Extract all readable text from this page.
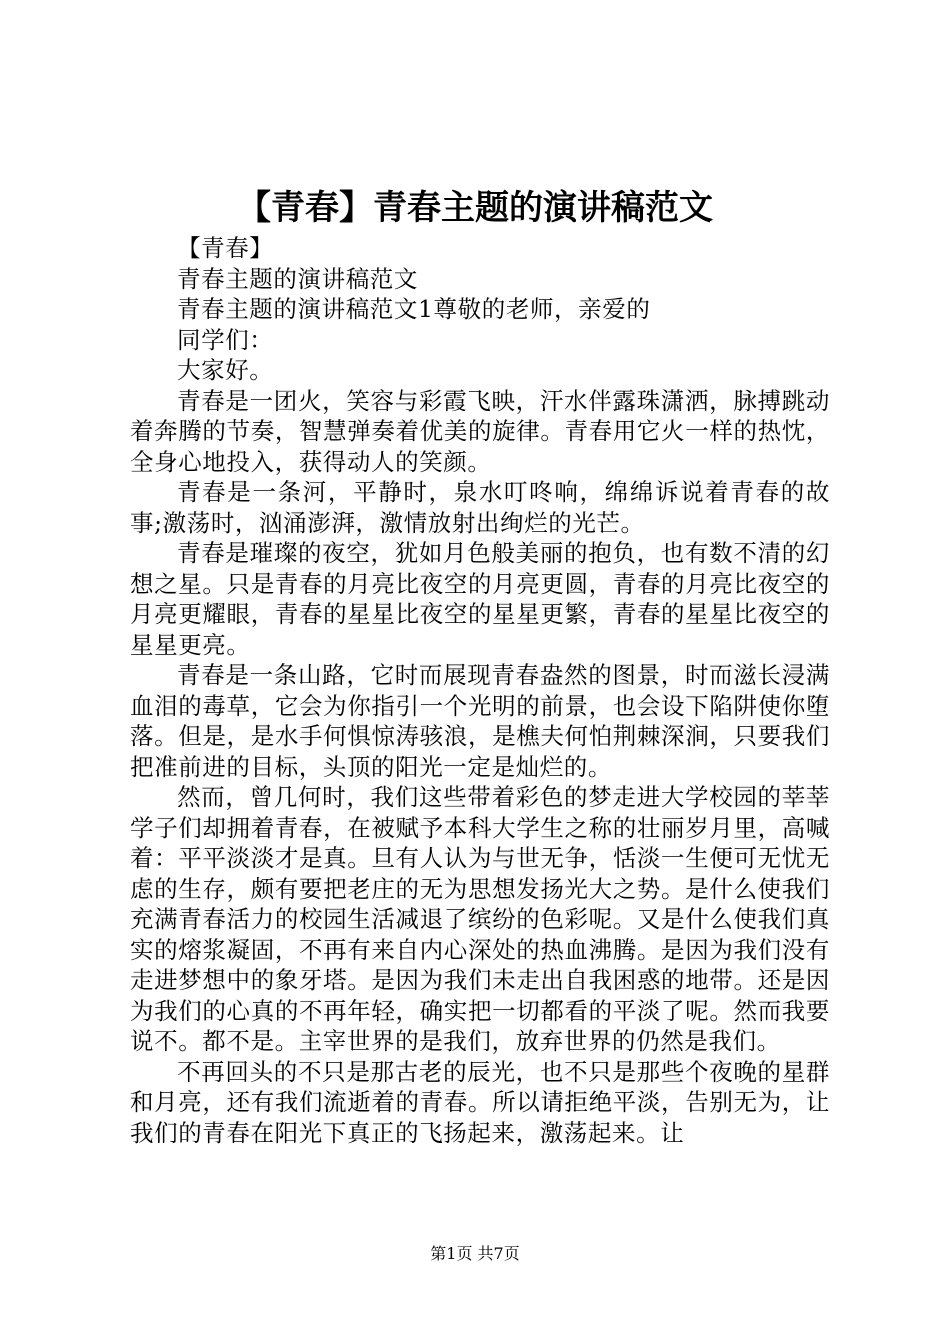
【青春】青春主题的演讲稿范文

【青春】

青春主题的演讲稿范文

青春主题的演讲稿范文1尊敬的老师，亲爱的

同学们：

大家好。

青春是一团火，笑容与彩霞飞映，汗水伴露珠潇洒，脉搏跳动着奔腾的节奏，智慧弹奏着优美的旋律。青春用它火一样的热忱，全身心地投入，获得动人的笑颜。

青春是一条河，平静时，泉水叮咚响，绵绵诉说着青春的故事;激荡时，汹涌澎湃，激情放射出绚烂的光芒。

青春是璀璨的夜空，犹如月色般美丽的抱负，也有数不清的幻想之星。只是青春的月亮比夜空的月亮更圆，青春的月亮比夜空的月亮更耀眼，青春的星星比夜空的星星更繁，青春的星星比夜空的星星更亮。

青春是一条山路，它时而展现青春盎然的图景，时而滋长浸满血泪的毒草，它会为你指引一个光明的前景，也会设下陷阱使你堕落。但是，是水手何惧惊涛骇浪，是樵夫何怕荆棘深涧，只要我们把准前进的目标，头顶的阳光一定是灿烂的。

然而，曾几何时，我们这些带着彩色的梦走进大学校园的莘莘学子们却拥着青春，在被赋予本科大学生之称的壮丽岁月里，高喊着：平平淡淡才是真。旦有人认为与世无争，恬淡一生便可无忧无虑的生存，颇有要把老庄的无为思想发扬光大之势。是什么使我们充满青春活力的校园生活减退了缤纷的色彩呢。又是什么使我们真实的熔浆凝固，不再有来自内心深处的热血沸腾。是因为我们没有走进梦想中的象牙塔。是因为我们未走出自我困惑的地带。还是因为我们的心真的不再年轻，确实把一切都看的平淡了呢。然而我要说不。都不是。主宰世界的是我们，放弃世界的仍然是我们。

不再回头的不只是那古老的辰光，也不只是那些个夜晚的星群和月亮，还有我们流逝着的青春。所以请拒绝平淡，告别无为，让我们的青春在阳光下真正的飞扬起来，激荡起来。让

第1页 共7页
